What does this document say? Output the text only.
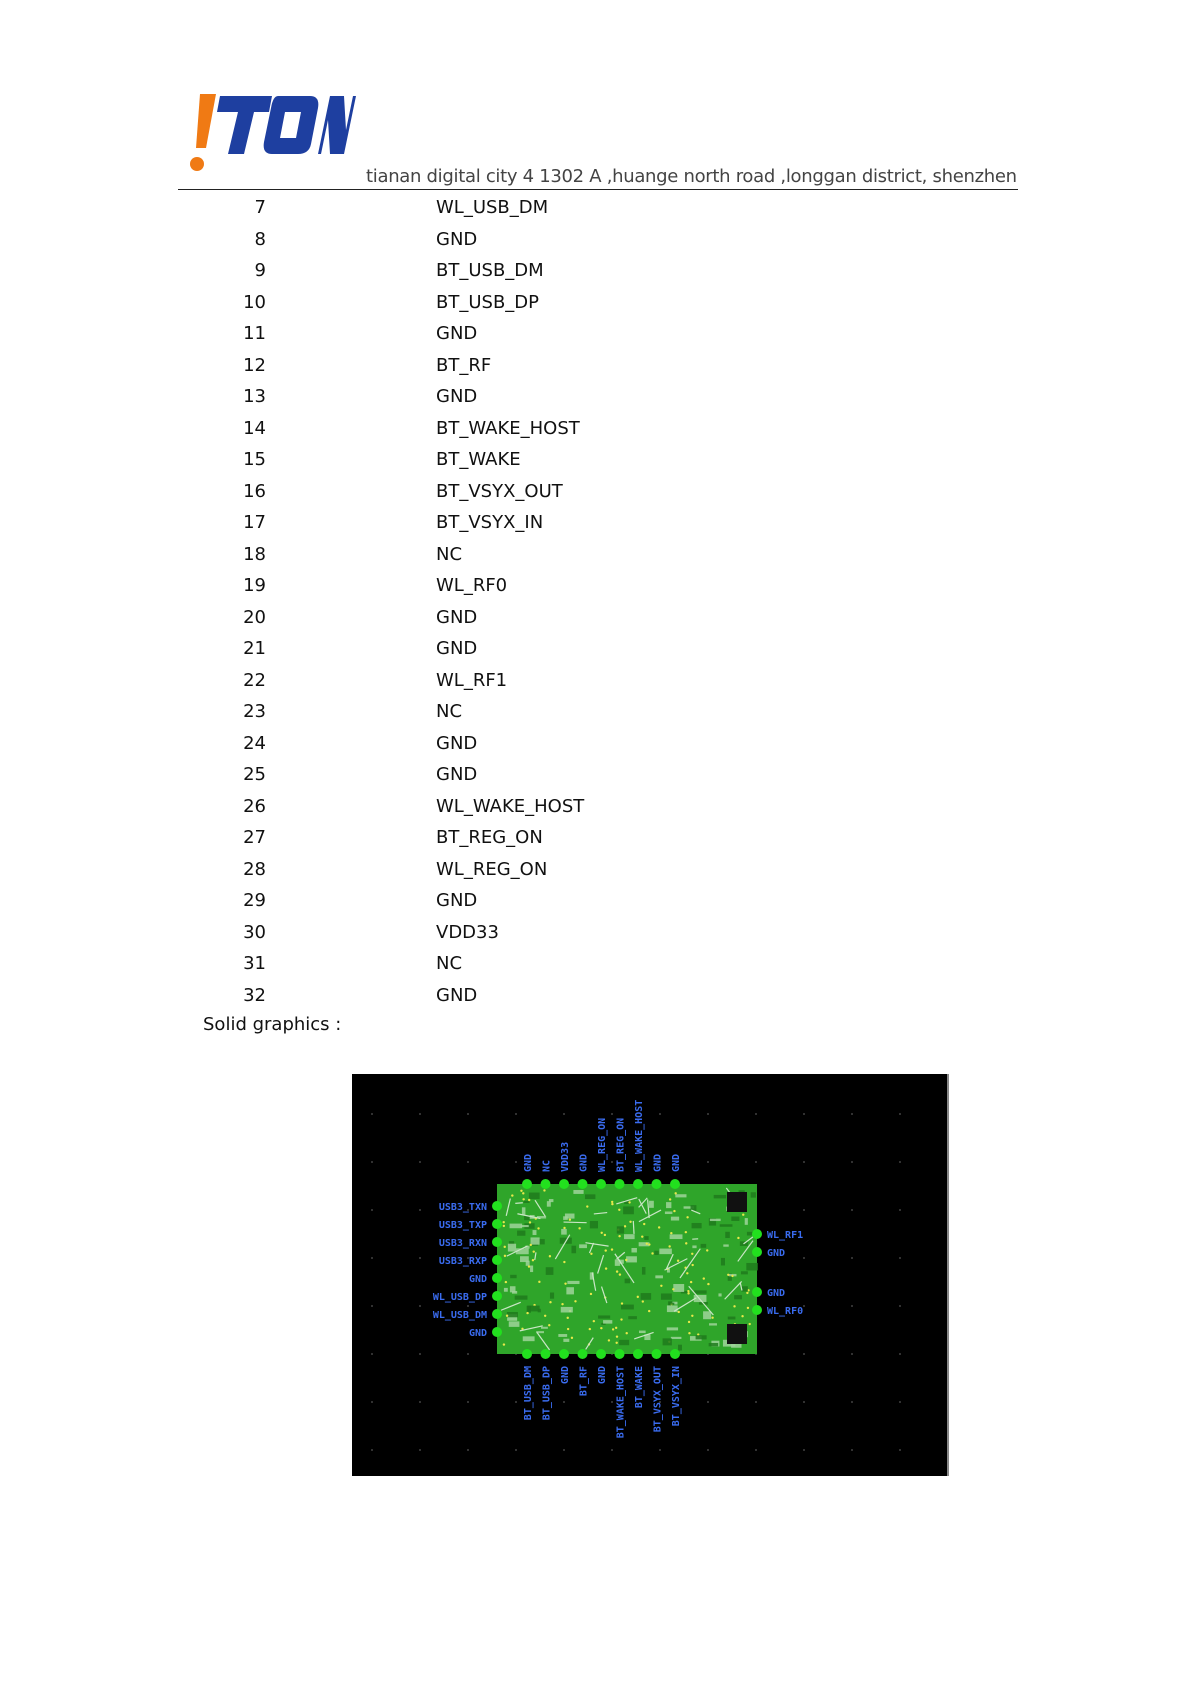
tianan digital city 4 1302 A ,huange north road ,longgan district, shenzhen
7	WL_USB_DM
8	GND
9	BT_USB_DM
10	BT_USB_DP
11	GND
12	BT_RF
13	GND
14	BT_WAKE_HOST
15	BT_WAKE
16	BT_VSYX_OUT
17	BT_VSYX_IN
18	NC
19	WL_RF0
20	GND
21	GND
22	WL_RF1
23	NC
24	GND
25	GND
26	WL_WAKE_HOST
27	BT_REG_ON
28	WL_REG_ON
29	GND
30	VDD33
31	NC
32	GND
Solid graphics :
GND NC VDD33 GND WL_REG_ON BT_REG_ON WL_WAKE_HOST GND GND
BT_USB_DM BT_USB_DP GND BT_RF GND BT_WAKE_HOST BT_WAKE BT_VSYX_OUT BT_VSYX_IN
USB3_TXN
USB3_TXP
USB3_RXN
USB3_RXP
GND
WL_USB_DP
WL_USB_DM
GND
WL_RF1
GND
GND
WL_RF0
